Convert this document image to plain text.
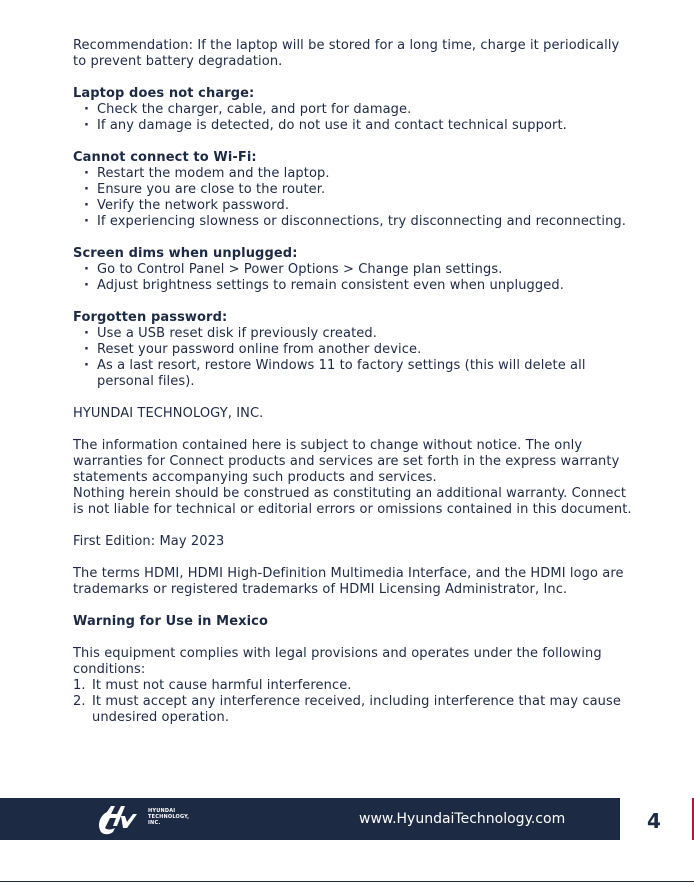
Recommendation: If the laptop will be stored for a long time, charge it periodically to prevent battery degradation.

Laptop does not charge:

· Check the charger, cable, and port for damage.
· If any damage is detected, do not use it and contact technical support.

Cannot connect to Wi-Fi:

· Restart the modem and the laptop.
· Ensure you are close to the router.
· Verify the network password.
· If experiencing slowness or disconnections, try disconnecting and reconnecting.

Screen dims when unplugged:

· Go to Control Panel > Power Options > Change plan settings.
· Adjust brightness settings to remain consistent even when unplugged.

Forgotten password:

· Use a USB reset disk if previously created.
· Reset your password online from another device.
· As a last resort, restore Windows 11 to factory settings (this will delete all personal files).

HYUNDAI TECHNOLOGY, INC.

The information contained here is subject to change without notice. The only warranties for Connect products and services are set forth in the express warranty statements accompanying such products and services.

Nothing herein should be construed as constituting an additional warranty. Connect is not liable for technical or editorial errors or omissions contained in this document.

First Edition: May 2023

The terms HDMI, HDMI High-Definition Multimedia Interface, and the HDMI logo are trademarks or registered trademarks of HDMI Licensing Administrator, Inc.

Warning for Use in Mexico

This equipment complies with legal provisions and operates under the following conditions:

1. It must not cause harmful interference.
2. It must accept any interference received, including interference that may cause undesired operation.
HYUNDAI
TECHNOLOGY,
INC.	www.HyundaiTechnology.com	4
